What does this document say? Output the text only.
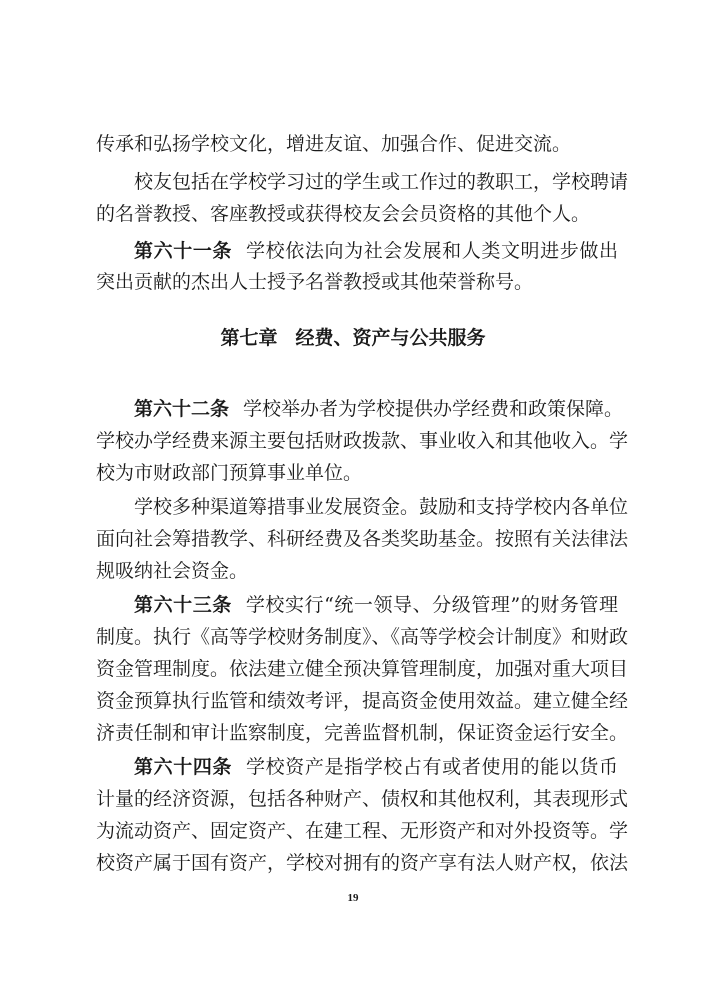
传承和弘扬学校文化，增进友谊、加强合作、促进交流。
校友包括在学校学习过的学生或工作过的教职工，学校聘请
的名誉教授、客座教授或获得校友会会员资格的其他个人。
第六十一条 学校依法向为社会发展和人类文明进步做出
突出贡献的杰出人士授予名誉教授或其他荣誉称号。
第七章 经费、资产与公共服务
第六十二条 学校举办者为学校提供办学经费和政策保障。
学校办学经费来源主要包括财政拨款、事业收入和其他收入。学
校为市财政部门预算事业单位。
学校多种渠道筹措事业发展资金。鼓励和支持学校内各单位
面向社会筹措教学、科研经费及各类奖助基金。按照有关法律法
规吸纳社会资金。
第六十三条 学校实行“统一领导、分级管理”的财务管理
制度。执行《高等学校财务制度》、《高等学校会计制度》和财政
资金管理制度。依法建立健全预决算管理制度，加强对重大项目
资金预算执行监管和绩效考评，提高资金使用效益。建立健全经
济责任制和审计监察制度，完善监督机制，保证资金运行安全。
第六十四条 学校资产是指学校占有或者使用的能以货币
计量的经济资源，包括各种财产、债权和其他权利，其表现形式
为流动资产、固定资产、在建工程、无形资产和对外投资等。学
校资产属于国有资产，学校对拥有的资产享有法人财产权，依法
19
